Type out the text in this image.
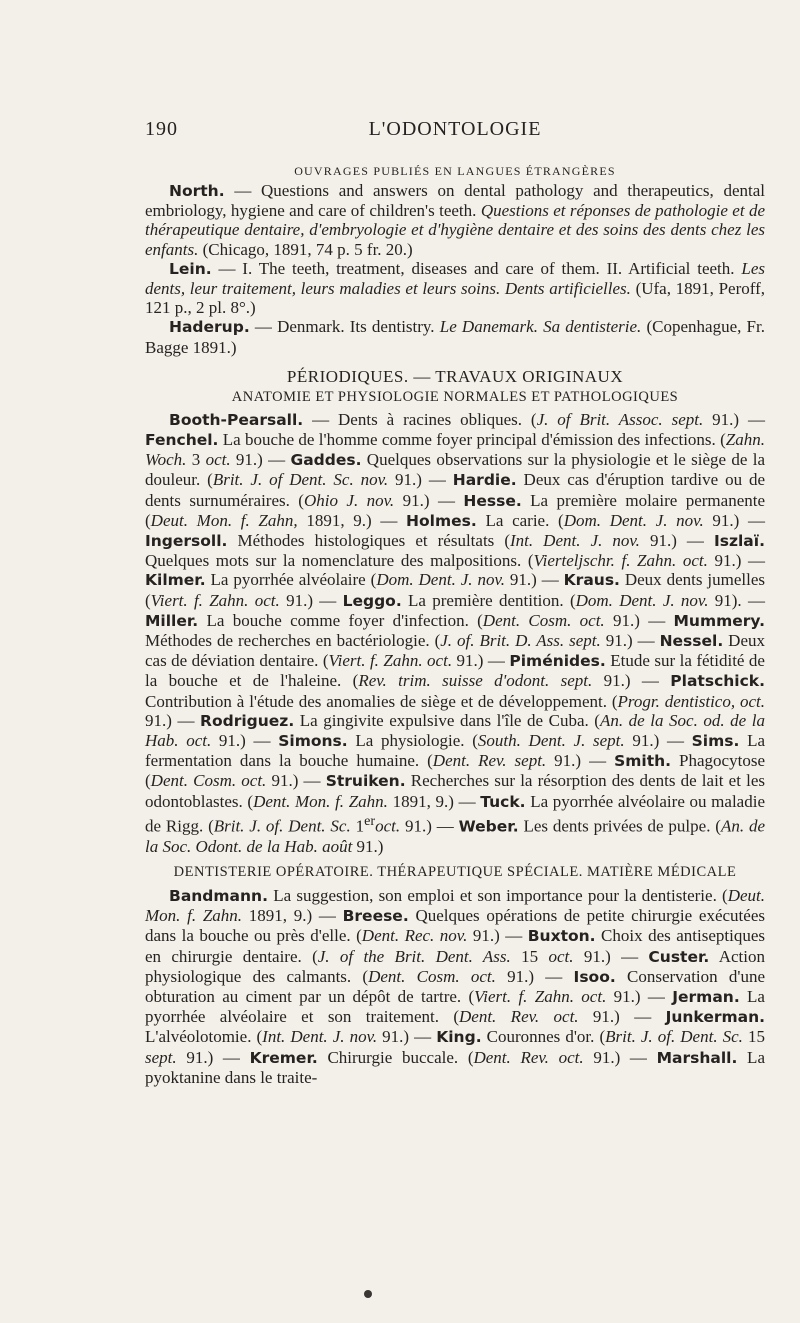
190	L'ODONTOLOGIE
OUVRAGES PUBLIÉS EN LANGUES ÉTRANGÈRES

North. — Questions and answers on dental pathology and therapeutics, dental embriology, hygiene and care of children's teeth. Questions et réponses de pathologie et de thérapeutique dentaire, d'embryologie et d'hygiène dentaire et des soins des dents chez les enfants. (Chicago, 1891, 74 p. 5 fr. 20.)

Lein. — I. The teeth, treatment, diseases and care of them. II. Artificial teeth. Les dents, leur traitement, leurs maladies et leurs soins. Dents artificielles. (Ufa, 1891, Peroff, 121 p., 2 pl. 8°.)

Haderup. — Denmark. Its dentistry. Le Danemark. Sa dentisterie. (Copenhague, Fr. Bagge 1891.)

PÉRIODIQUES. — TRAVAUX ORIGINAUX
ANATOMIE ET PHYSIOLOGIE NORMALES ET PATHOLOGIQUES

Booth-Pearsall. — Dents à racines obliques. (J. of Brit. Assoc. sept. 91.) — Fenchel. La bouche de l'homme comme foyer principal d'émission des infections. (Zahn. Woch. 3 oct. 91.) — Gaddes. Quelques observations sur la physiologie et le siège de la douleur. (Brit. J. of Dent. Sc. nov. 91.) — Hardie. Deux cas d'éruption tardive ou de dents surnuméraires. (Ohio J. nov. 91.) — Hesse. La première molaire permanente (Deut. Mon. f. Zahn, 1891, 9.) — Holmes. La carie. (Dom. Dent. J. nov. 91.) — Ingersoll. Méthodes histologiques et résultats (Int. Dent. J. nov. 91.) — Iszlaï. Quelques mots sur la nomenclature des malpositions. (Vierteljschr. f. Zahn. oct. 91.) — Kilmer. La pyorrhée alvéolaire (Dom. Dent. J. nov. 91.) — Kraus. Deux dents jumelles (Viert. f. Zahn. oct. 91.) — Leggo. La première dentition. (Dom. Dent. J. nov. 91). — Miller. La bouche comme foyer d'infection. (Dent. Cosm. oct. 91.) — Mummery. Méthodes de recherches en bactériologie. (J. of. Brit. D. Ass. sept. 91.) — Nessel. Deux cas de déviation dentaire. (Viert. f. Zahn. oct. 91.) — Piménides. Etude sur la fétidité de la bouche et de l'haleine. (Rev. trim. suisse d'odont. sept. 91.) — Platschick. Contribution à l'étude des anomalies de siège et de développement. (Progr. dentistico, oct. 91.) — Rodriguez. La gingivite expulsive dans l'île de Cuba. (An. de la Soc. od. de la Hab. oct. 91.) — Simons. La physiologie. (South. Dent. J. sept. 91.) — Sims. La fermentation dans la bouche humaine. (Dent. Rev. sept. 91.) — Smith. Phagocytose (Dent. Cosm. oct. 91.) — Struiken. Recherches sur la résorption des dents de lait et les odontoblastes. (Dent. Mon. f. Zahn. 1891, 9.) — Tuck. La pyorrhée alvéolaire ou maladie de Rigg. (Brit. J. of. Dent. Sc. 1eroct. 91.) — Weber. Les dents privées de pulpe. (An. de la Soc. Odont. de la Hab. août 91.)

DENTISTERIE OPÉRATOIRE. THÉRAPEUTIQUE SPÉCIALE. MATIÈRE MÉDICALE

Bandmann. La suggestion, son emploi et son importance pour la dentisterie. (Deut. Mon. f. Zahn. 1891, 9.) — Breese. Quelques opérations de petite chirurgie exécutées dans la bouche ou près d'elle. (Dent. Rec. nov. 91.) — Buxton. Choix des antiseptiques en chirurgie dentaire. (J. of the Brit. Dent. Ass. 15 oct. 91.) — Custer. Action physiologique des calmants. (Dent. Cosm. oct. 91.) — Isoo. Conservation d'une obturation au ciment par un dépôt de tartre. (Viert. f. Zahn. oct. 91.) — Jerman. La pyorrhée alvéolaire et son traitement. (Dent. Rev. oct. 91.) — Junkerman. L'alvéolotomie. (Int. Dent. J. nov. 91.) — King. Couronnes d'or. (Brit. J. of. Dent. Sc. 15 sept. 91.) — Kremer. Chirurgie buccale. (Dent. Rev. oct. 91.) — Marshall. La pyoktanine dans le traite-
